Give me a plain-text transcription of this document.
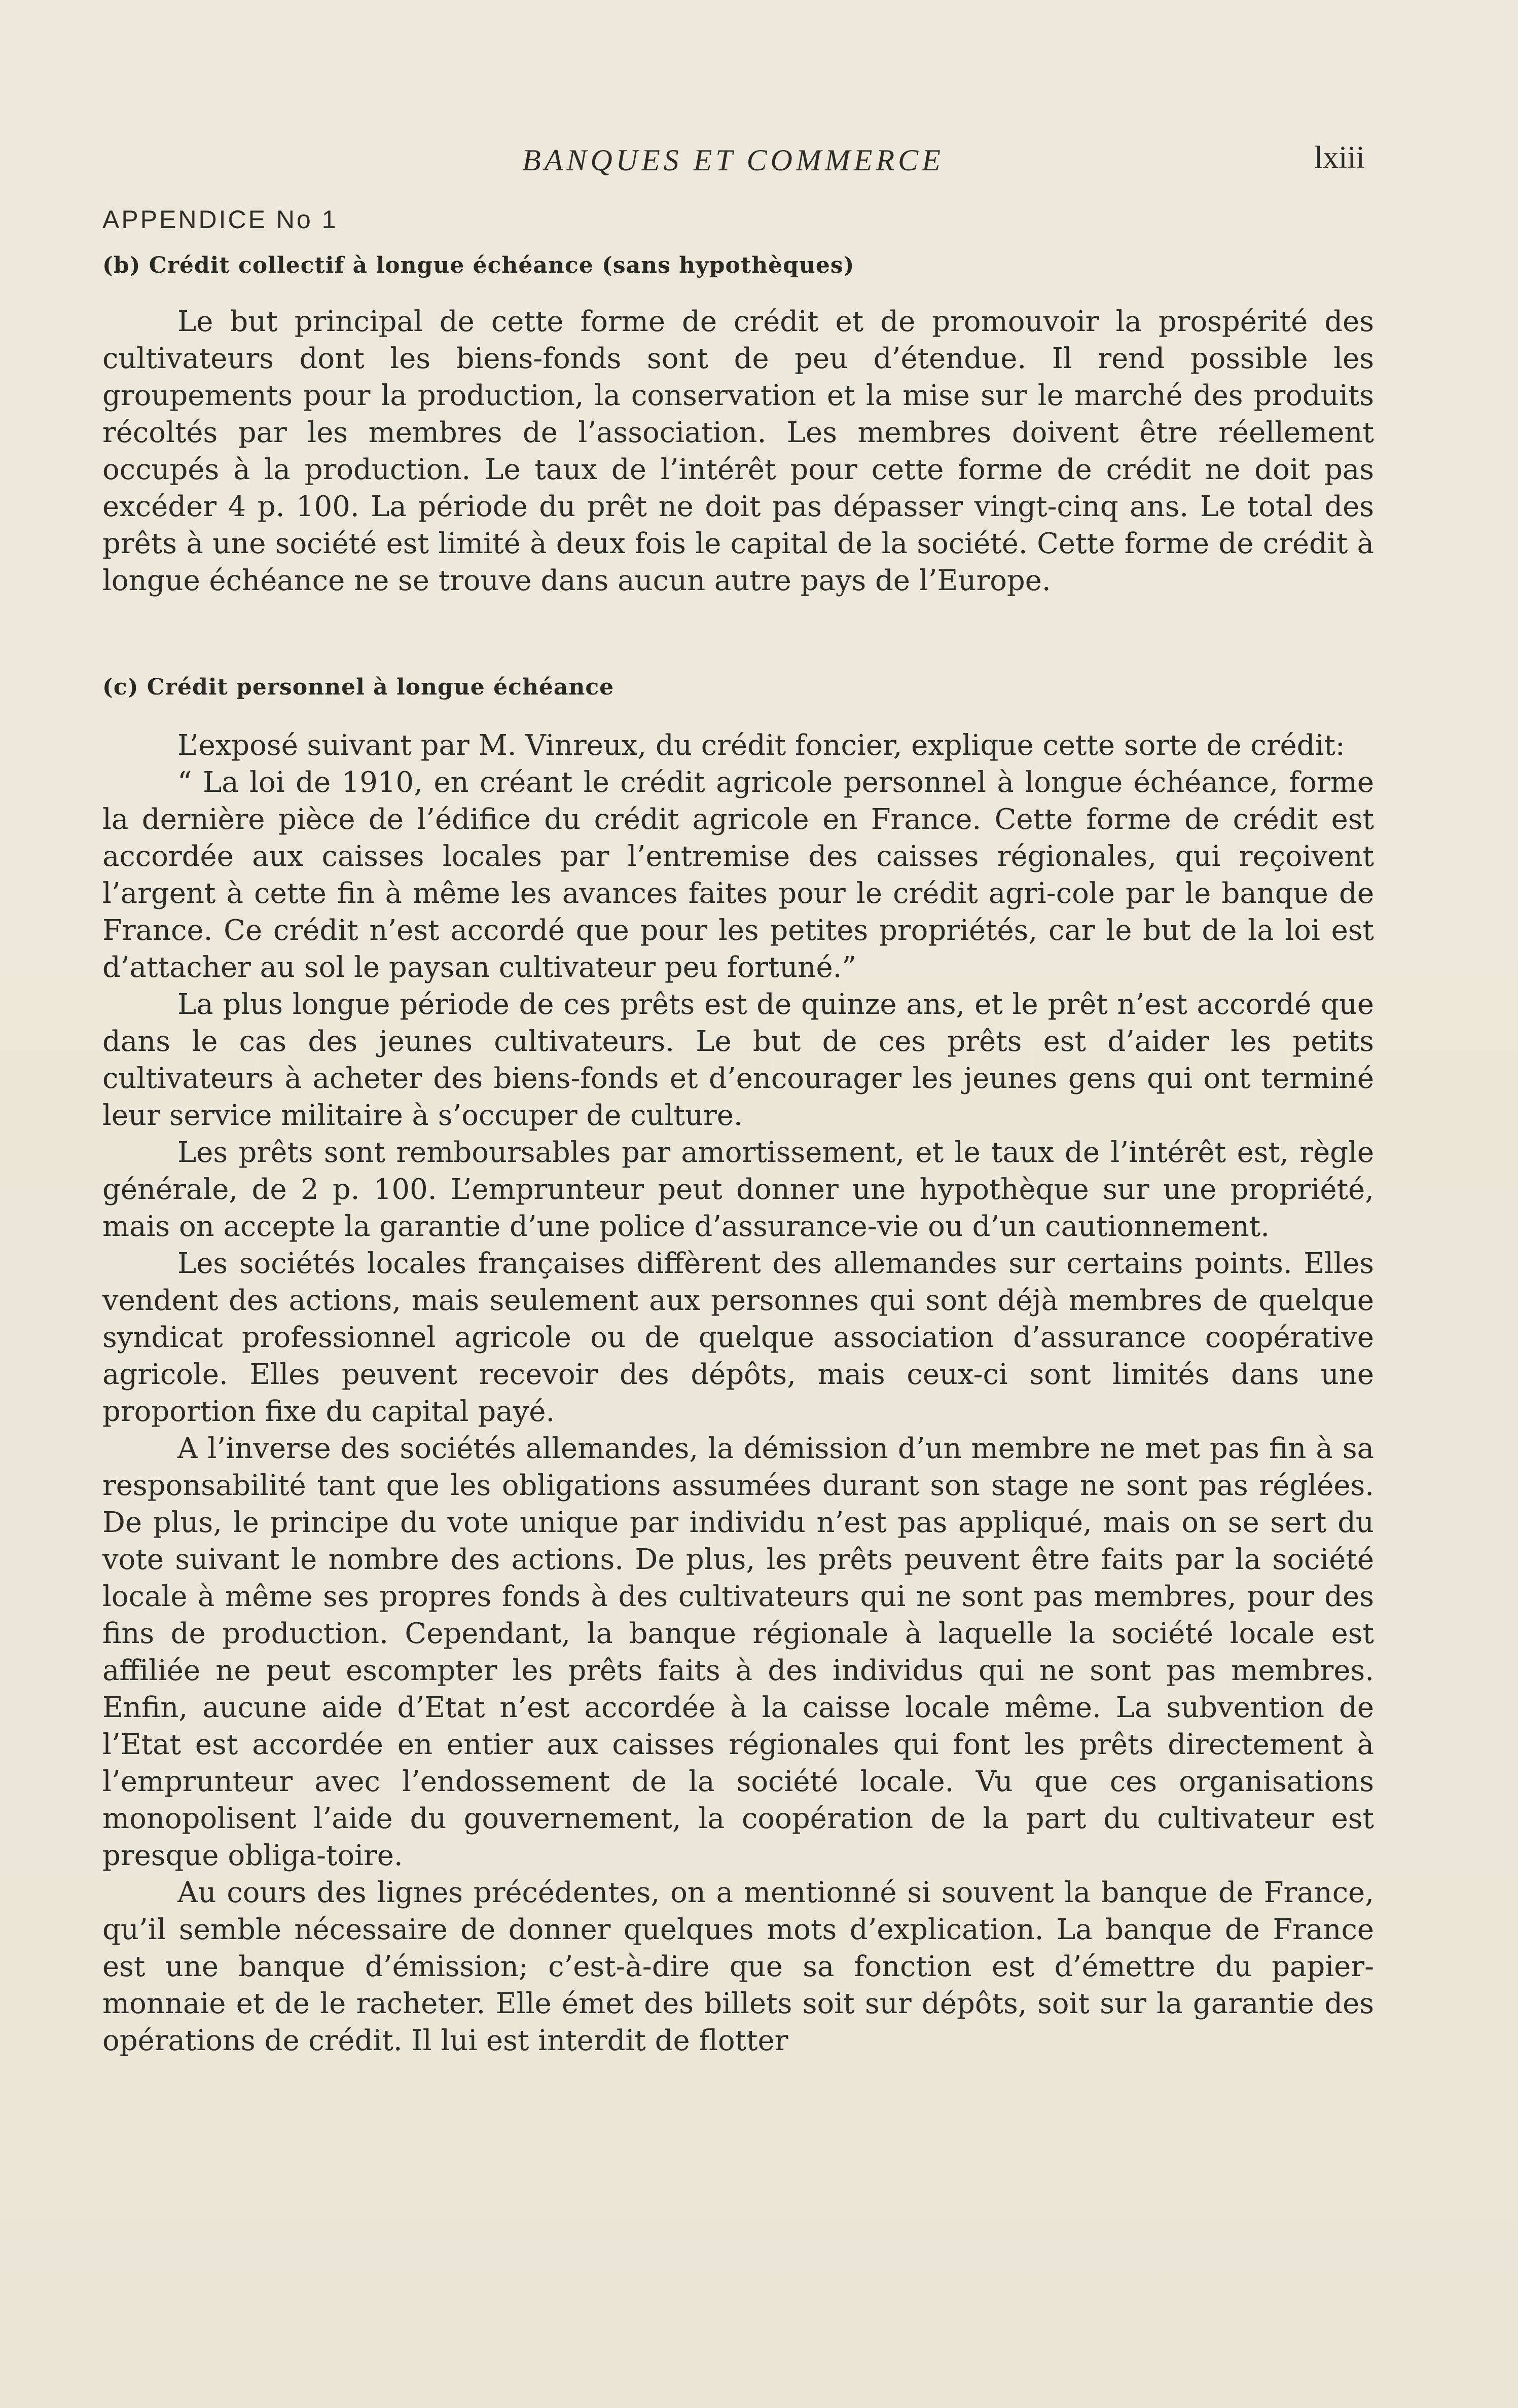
BANQUES ET COMMERCE	lxiii
APPENDICE No 1
(b) Crédit collectif à longue échéance (sans hypothèques)

Le but principal de cette forme de crédit et de promouvoir la prospérité des cultivateurs dont les biens-fonds sont de peu d’étendue. Il rend possible les groupements pour la production, la conservation et la mise sur le marché des produits récoltés par les membres de l’association. Les membres doivent être réellement occupés à la production. Le taux de l’intérêt pour cette forme de crédit ne doit pas excéder 4 p. 100. La période du prêt ne doit pas dépasser vingt-cinq ans. Le total des prêts à une société est limité à deux fois le capital de la société. Cette forme de crédit à longue échéance ne se trouve dans aucun autre pays de l’Europe.

(c) Crédit personnel à longue échéance

L’exposé suivant par M. Vinreux, du crédit foncier, explique cette sorte de crédit:

“ La loi de 1910, en créant le crédit agricole personnel à longue échéance, forme la dernière pièce de l’édifice du crédit agricole en France. Cette forme de crédit est accordée aux caisses locales par l’entremise des caisses régionales, qui reçoivent l’argent à cette fin à même les avances faites pour le crédit agri-cole par le banque de France. Ce crédit n’est accordé que pour les petites propriétés, car le but de la loi est d’attacher au sol le paysan cultivateur peu fortuné.”

La plus longue période de ces prêts est de quinze ans, et le prêt n’est accordé que dans le cas des jeunes cultivateurs. Le but de ces prêts est d’aider les petits cultivateurs à acheter des biens-fonds et d’encourager les jeunes gens qui ont terminé leur service militaire à s’occuper de culture.

Les prêts sont remboursables par amortissement, et le taux de l’intérêt est, règle générale, de 2 p. 100. L’emprunteur peut donner une hypothèque sur une propriété, mais on accepte la garantie d’une police d’assurance-vie ou d’un cautionnement.

Les sociétés locales françaises diffèrent des allemandes sur certains points. Elles vendent des actions, mais seulement aux personnes qui sont déjà membres de quelque syndicat professionnel agricole ou de quelque association d’assurance coopérative agricole. Elles peuvent recevoir des dépôts, mais ceux-ci sont limités dans une proportion fixe du capital payé.

A l’inverse des sociétés allemandes, la démission d’un membre ne met pas fin à sa responsabilité tant que les obligations assumées durant son stage ne sont pas réglées. De plus, le principe du vote unique par individu n’est pas appliqué, mais on se sert du vote suivant le nombre des actions. De plus, les prêts peuvent être faits par la société locale à même ses propres fonds à des cultivateurs qui ne sont pas membres, pour des fins de production. Cependant, la banque régionale à laquelle la société locale est affiliée ne peut escompter les prêts faits à des individus qui ne sont pas membres. Enfin, aucune aide d’Etat n’est accordée à la caisse locale même. La subvention de l’Etat est accordée en entier aux caisses régionales qui font les prêts directement à l’emprunteur avec l’endossement de la société locale. Vu que ces organisations monopolisent l’aide du gouvernement, la coopération de la part du cultivateur est presque obliga-toire.

Au cours des lignes précédentes, on a mentionné si souvent la banque de France, qu’il semble nécessaire de donner quelques mots d’explication. La banque de France est une banque d’émission; c’est-à-dire que sa fonction est d’émettre du papier-monnaie et de le racheter. Elle émet des billets soit sur dépôts, soit sur la garantie des opérations de crédit. Il lui est interdit de flotter
